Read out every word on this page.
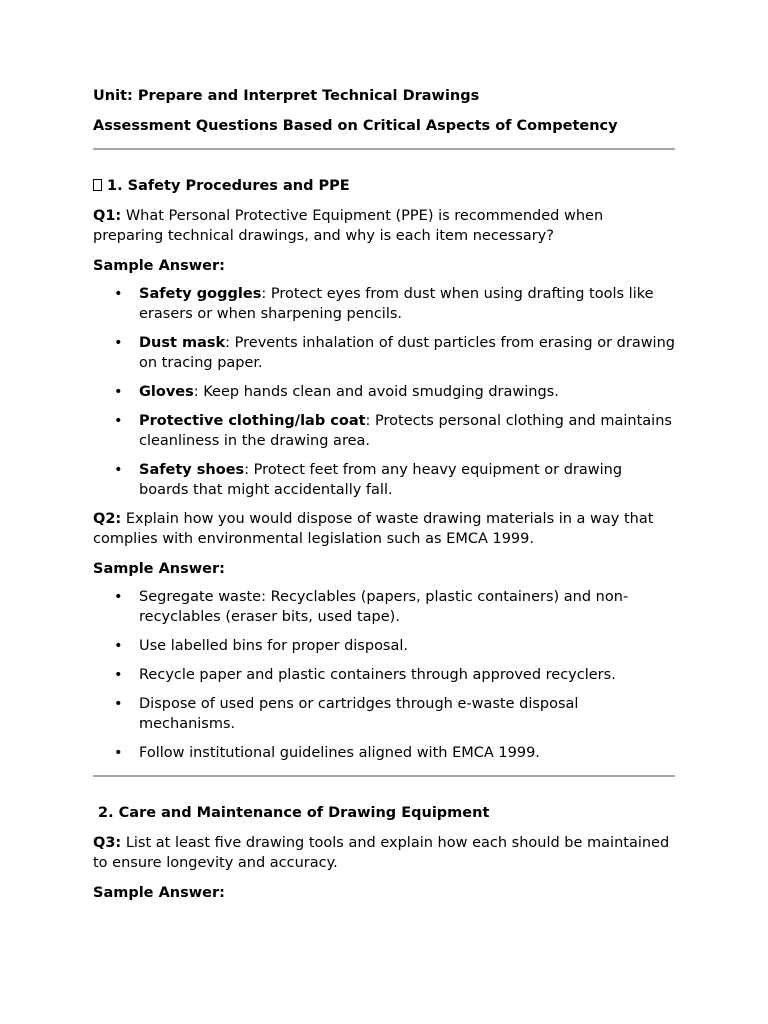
Unit: Prepare and Interpret Technical Drawings

Assessment Questions Based on Critical Aspects of Competency

1. Safety Procedures and PPE

Q1: What Personal Protective Equipment (PPE) is recommended when preparing technical drawings, and why is each item necessary?

Sample Answer:

• Safety goggles: Protect eyes from dust when using drafting tools like erasers or when sharpening pencils.
• Dust mask: Prevents inhalation of dust particles from erasing or drawing on tracing paper.
• Gloves: Keep hands clean and avoid smudging drawings.
• Protective clothing/lab coat: Protects personal clothing and maintains cleanliness in the drawing area.
• Safety shoes: Protect feet from any heavy equipment or drawing boards that might accidentally fall.

Q2: Explain how you would dispose of waste drawing materials in a way that complies with environmental legislation such as EMCA 1999.

Sample Answer:

• Segregate waste: Recyclables (papers, plastic containers) and non-recyclables (eraser bits, used tape).
• Use labelled bins for proper disposal.
• Recycle paper and plastic containers through approved recyclers.
• Dispose of used pens or cartridges through e-waste disposal mechanisms.
• Follow institutional guidelines aligned with EMCA 1999.

2. Care and Maintenance of Drawing Equipment

Q3: List at least five drawing tools and explain how each should be maintained to ensure longevity and accuracy.

Sample Answer:
